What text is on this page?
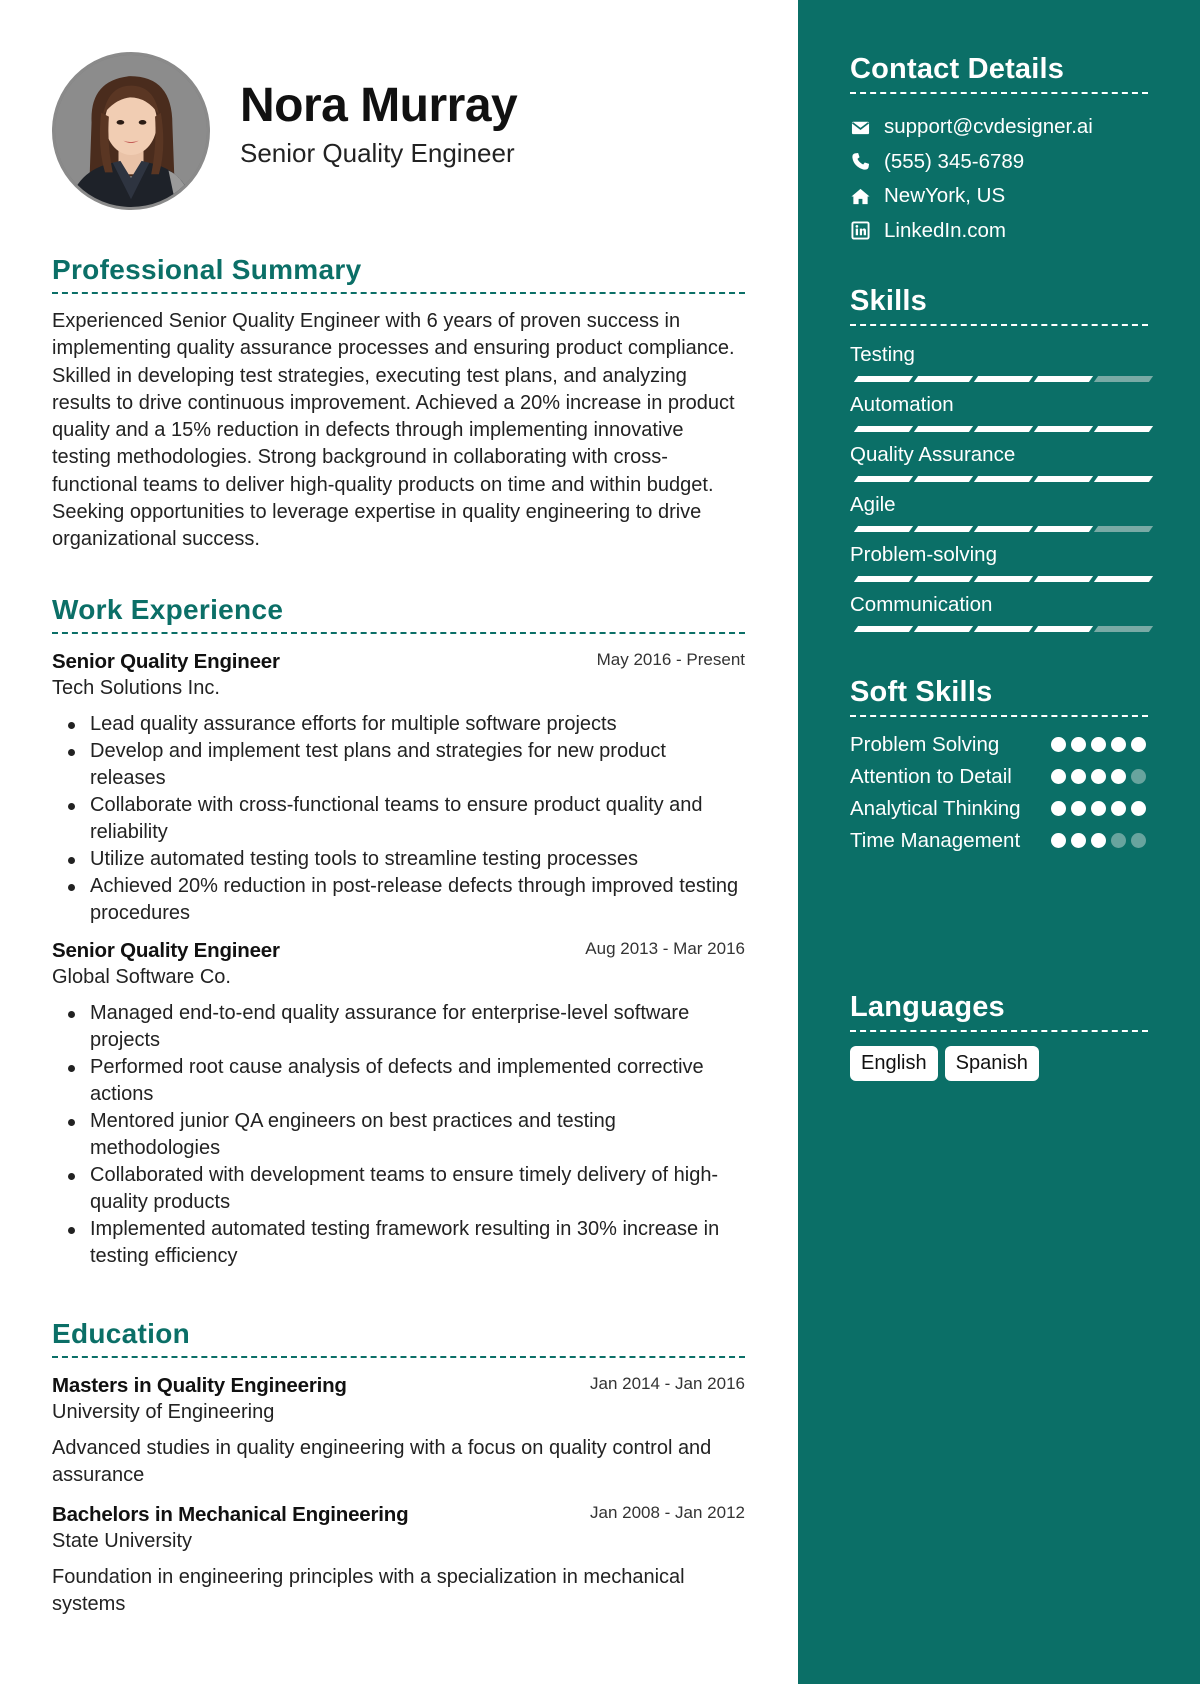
Nora Murray
Senior Quality Engineer
Professional Summary
Experienced Senior Quality Engineer with 6 years of proven success in implementing quality assurance processes and ensuring product compliance. Skilled in developing test strategies, executing test plans, and analyzing results to drive continuous improvement. Achieved a 20% increase in product quality and a 15% reduction in defects through implementing innovative testing methodologies. Strong background in collaborating with cross-functional teams to deliver high-quality products on time and within budget. Seeking opportunities to leverage expertise in quality engineering to drive organizational success.
Work Experience
Senior Quality Engineer	May 2016 - Present
Tech Solutions Inc.
Lead quality assurance efforts for multiple software projects
Develop and implement test plans and strategies for new product releases
Collaborate with cross-functional teams to ensure product quality and reliability
Utilize automated testing tools to streamline testing processes
Achieved 20% reduction in post-release defects through improved testing procedures
Senior Quality Engineer	Aug 2013 - Mar 2016
Global Software Co.
Managed end-to-end quality assurance for enterprise-level software projects
Performed root cause analysis of defects and implemented corrective actions
Mentored junior QA engineers on best practices and testing methodologies
Collaborated with development teams to ensure timely delivery of high-quality products
Implemented automated testing framework resulting in 30% increase in testing efficiency
Education
Masters in Quality Engineering	Jan 2014 - Jan 2016
University of Engineering
Advanced studies in quality engineering with a focus on quality control and assurance
Bachelors in Mechanical Engineering	Jan 2008 - Jan 2012
State University
Foundation in engineering principles with a specialization in mechanical systems
Contact Details
support@cvdesigner.ai
(555) 345-6789
NewYork, US
LinkedIn.com
Skills
Testing
Automation
Quality Assurance
Agile
Problem-solving
Communication
Soft Skills
Problem Solving
Attention to Detail
Analytical Thinking
Time Management
Languages
English	Spanish
